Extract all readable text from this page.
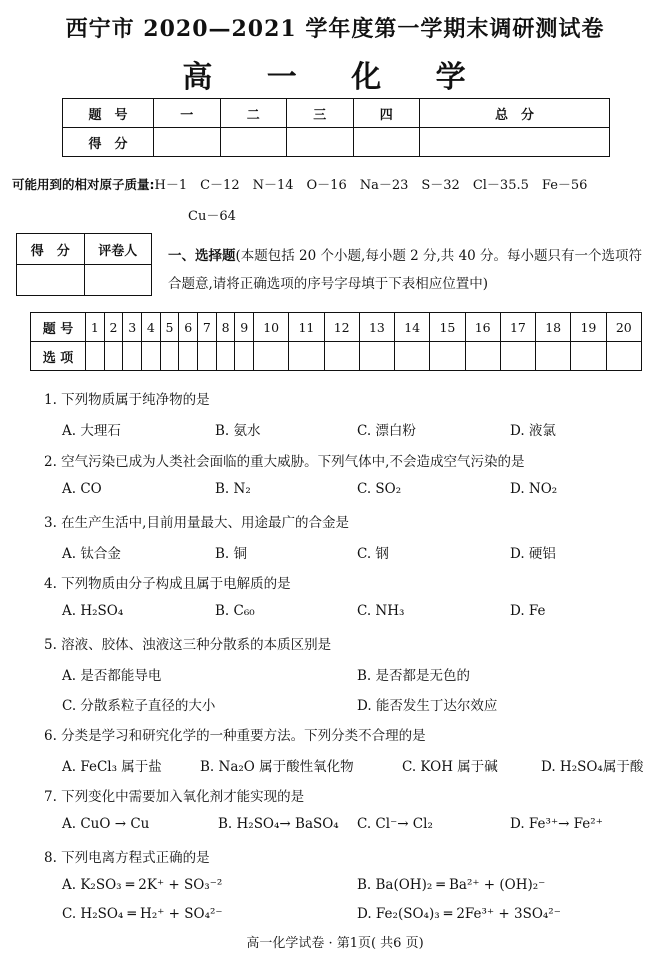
西宁市 2020—2021 学年度第一学期末调研测试卷
高 一 化 学
题　号	一	二	三	四	总　分
得　分					
可能用到的相对原子质量:H－1　C－12　N－14　O－16　Na－23　S－32　Cl－35.5　Fe－56
Cu－64
得　分	评卷人
	一、选择题(本题包括 20 个小题,每小题 2 分,共 40 分。每小题只有一个选项符合题意,请将正确选项的序号字母填于下表相应位置中)
题 号	1	2	3	4	5	6	7	8	9	10	11	12	13	14	15	16	17	18	19	20
选 项																				
1. 下列物质属于纯净物的是
A. 大理石	B. 氨水	C. 漂白粉	D. 液氯
2. 空气污染已成为人类社会面临的重大威胁。下列气体中,不会造成空气污染的是
A. CO	B. N₂	C. SO₂	D. NO₂
3. 在生产生活中,目前用量最大、用途最广的合金是
A. 钛合金	B. 铜	C. 钢	D. 硬铝
4. 下列物质由分子构成且属于电解质的是
A. H₂SO₄	B. C₆₀	C. NH₃	D. Fe
5. 溶液、胶体、浊液这三种分散系的本质区别是
A. 是否都能导电	B. 是否都是无色的
C. 分散系粒子直径的大小	D. 能否发生丁达尔效应
6. 分类是学习和研究化学的一种重要方法。下列分类不合理的是
A. FeCl₃ 属于盐	B. Na₂O 属于酸性氧化物	C. KOH 属于碱	D. H₂SO₄属于酸
7. 下列变化中需要加入氧化剂才能实现的是
A. CuO → Cu	B. H₂SO₄→ BaSO₄ C. Cl⁻→ Cl₂	D. Fe³⁺→ Fe²⁺
8. 下列电离方程式正确的是
A. K₂SO₃ ═ 2K⁺ + SO₃⁻²	B. Ba(OH)₂ ═ Ba²⁺ + (OH)₂⁻
C. H₂SO₄ ═ H₂⁺ + SO₄²⁻	D. Fe₂(SO₄)₃ ═ 2Fe³⁺ + 3SO₄²⁻
高一化学试卷 · 第1页( 共6 页)
